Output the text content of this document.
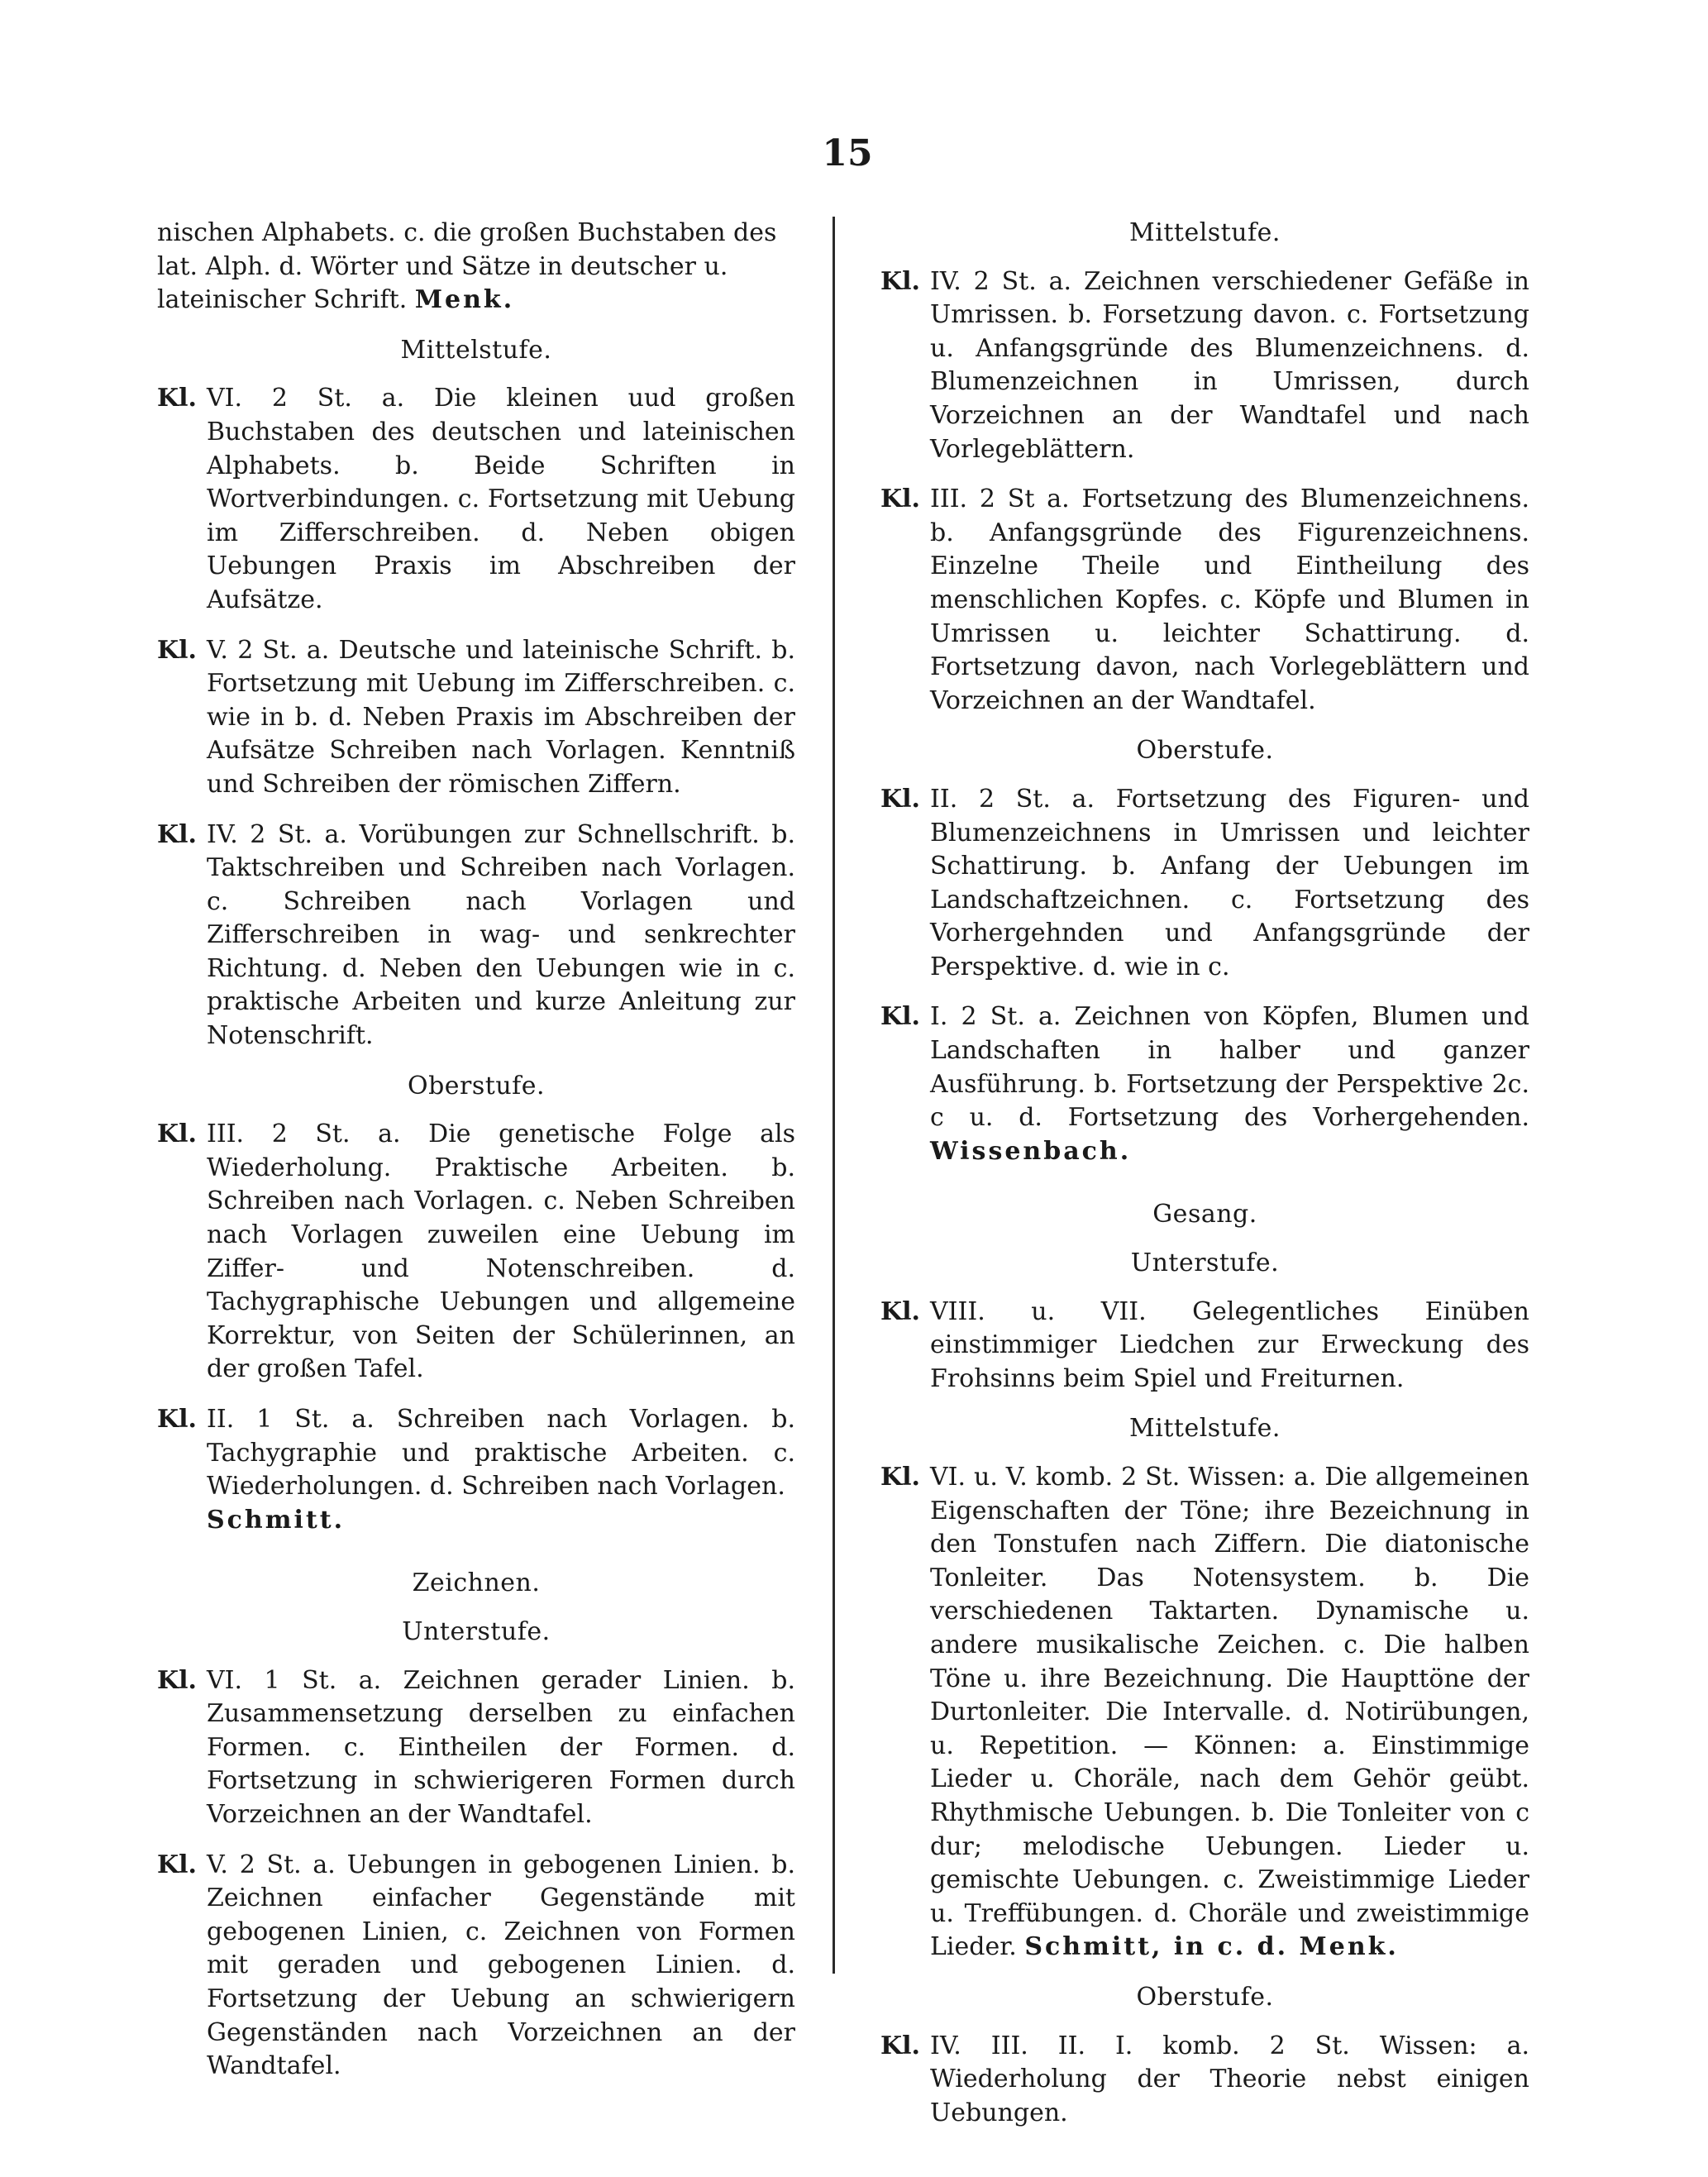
15

nischen Alphabets. c. die großen Buchstaben des lat. Alph. d. Wörter und Sätze in deutscher u. lateinischer Schrift. Menk.

Mittelstufe.
Kl. VI. 2 St. a. Die kleinen uud großen Buchstaben des deutschen und lateinischen Alphabets. b. Beide Schriften in Wortverbindungen. c. Fortsetzung mit Uebung im Zifferschreiben. d. Neben obigen Uebungen Praxis im Abschreiben der Aufsätze.
Kl. V. 2 St. a. Deutsche und lateinische Schrift. b. Fortsetzung mit Uebung im Zifferschreiben. c. wie in b. d. Neben Praxis im Abschreiben der Aufsätze Schreiben nach Vorlagen. Kenntniß und Schreiben der römischen Ziffern.
Kl. IV. 2 St. a. Vorübungen zur Schnellschrift. b. Taktschreiben und Schreiben nach Vorlagen. c. Schreiben nach Vorlagen und Zifferschreiben in wag- und senkrechter Richtung. d. Neben den Uebungen wie in c. praktische Arbeiten und kurze Anleitung zur Notenschrift.
Oberstufe.
Kl. III. 2 St. a. Die genetische Folge als Wiederholung. Praktische Arbeiten. b. Schreiben nach Vorlagen. c. Neben Schreiben nach Vorlagen zuweilen eine Uebung im Ziffer- und Notenschreiben. d. Tachygraphische Uebungen und allgemeine Korrektur, von Seiten der Schülerinnen, an der großen Tafel.
Kl. II. 1 St. a. Schreiben nach Vorlagen. b. Tachygraphie und praktische Arbeiten. c. Wiederholungen. d. Schreiben nach Vorlagen.
Schmitt.
Zeichnen.
Unterstufe.
Kl. VI. 1 St. a. Zeichnen gerader Linien. b. Zusammensetzung derselben zu einfachen Formen. c. Eintheilen der Formen. d. Fortsetzung in schwierigeren Formen durch Vorzeichnen an der Wandtafel.
Kl. V. 2 St. a. Uebungen in gebogenen Linien. b. Zeichnen einfacher Gegenstände mit gebogenen Linien, c. Zeichnen von Formen mit geraden und gebogenen Linien. d. Fortsetzung der Uebung an schwierigern Gegenständen nach Vorzeichnen an der Wandtafel.
Mittelstufe.
Kl. IV. 2 St. a. Zeichnen verschiedener Gefäße in Umrissen. b. Forsetzung davon. c. Fortsetzung u. Anfangsgründe des Blumenzeichnens. d. Blumenzeichnen in Umrissen, durch Vorzeichnen an der Wandtafel und nach Vorlegeblättern.
Kl. III. 2 St a. Fortsetzung des Blumenzeichnens. b. Anfangsgründe des Figurenzeichnens. Einzelne Theile und Eintheilung des menschlichen Kopfes. c. Köpfe und Blumen in Umrissen u. leichter Schattirung. d. Fortsetzung davon, nach Vorlegeblättern und Vorzeichnen an der Wandtafel.
Oberstufe.
Kl. II. 2 St. a. Fortsetzung des Figuren- und Blumenzeichnens in Umrissen und leichter Schattirung. b. Anfang der Uebungen im Landschaftzeichnen. c. Fortsetzung des Vorhergehnden und Anfangsgründe der Perspektive. d. wie in c.
Kl. I. 2 St. a. Zeichnen von Köpfen, Blumen und Landschaften in halber und ganzer Ausführung. b. Fortsetzung der Perspektive 2c. c u. d. Fortsetzung des Vorhergehenden. Wissenbach.
Gesang.
Unterstufe.
Kl. VIII. u. VII. Gelegentliches Einüben einstimmiger Liedchen zur Erweckung des Frohsinns beim Spiel und Freiturnen.
Mittelstufe.
Kl. VI. u. V. komb. 2 St. Wissen: a. Die allgemeinen Eigenschaften der Töne; ihre Bezeichnung in den Tonstufen nach Ziffern. Die diatonische Tonleiter. Das Notensystem. b. Die verschiedenen Taktarten. Dynamische u. andere musikalische Zeichen. c. Die halben Töne u. ihre Bezeichnung. Die Haupttöne der Durtonleiter. Die Intervalle. d. Notirübungen, u. Repetition. — Können: a. Einstimmige Lieder u. Choräle, nach dem Gehör geübt. Rhythmische Uebungen. b. Die Tonleiter von c dur; melodische Uebungen. Lieder u. gemischte Uebungen. c. Zweistimmige Lieder u. Treffübungen. d. Choräle und zweistimmige Lieder. Schmitt, in c. d. Menk.
Oberstufe.
Kl. IV. III. II. I. komb. 2 St. Wissen: a. Wiederholung der Theorie nebst einigen Uebungen.
